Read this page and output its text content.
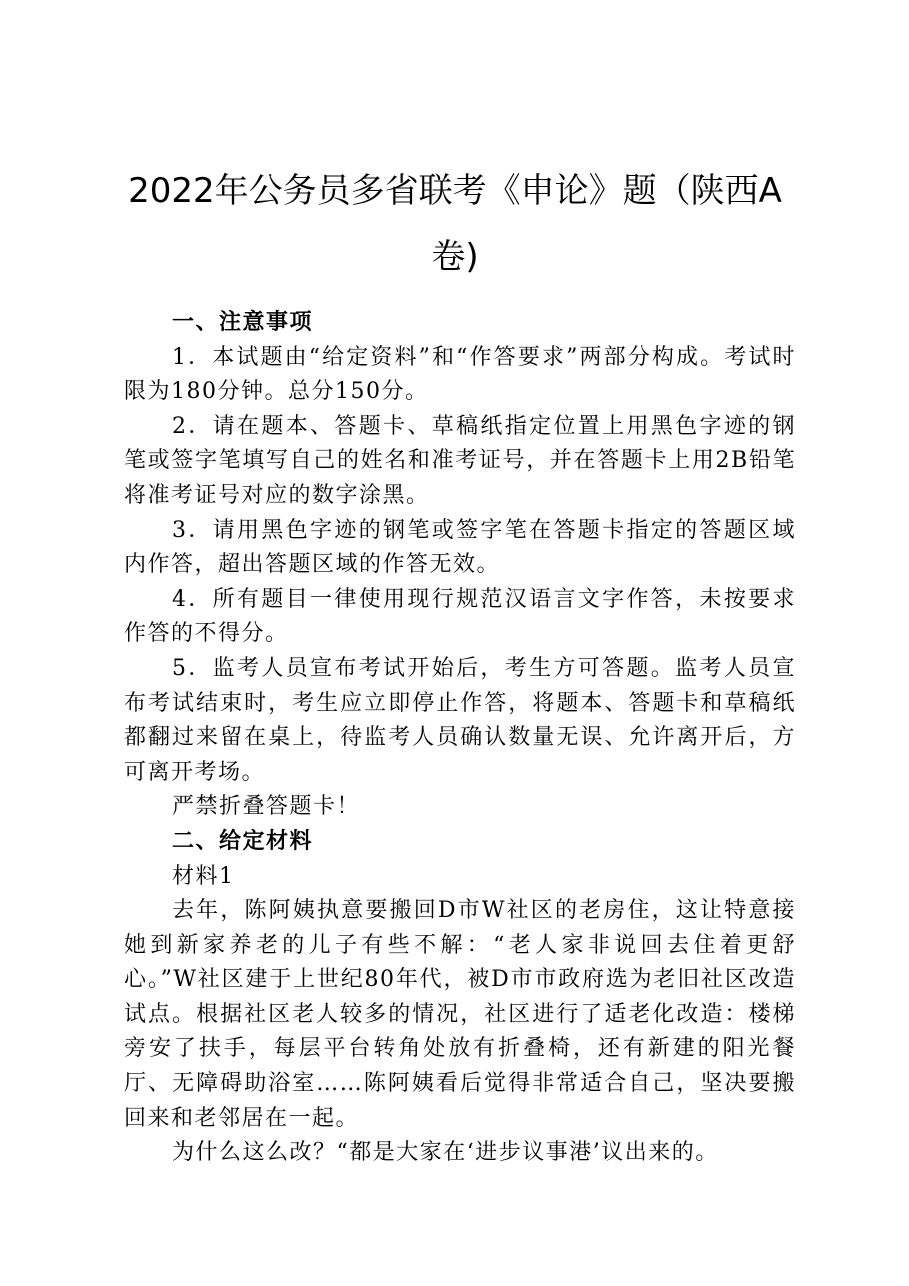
2022年公务员多省联考《申论》题（陕西A卷)

一、注意事项

1．本试题由“给定资料”和“作答要求”两部分构成。考试时限为180分钟。总分150分。

2．请在题本、答题卡、草稿纸指定位置上用黑色字迹的钢笔或签字笔填写自己的姓名和准考证号，并在答题卡上用2B铅笔将准考证号对应的数字涂黑。

3．请用黑色字迹的钢笔或签字笔在答题卡指定的答题区域内作答，超出答题区域的作答无效。

4．所有题目一律使用现行规范汉语言文字作答，未按要求作答的不得分。

5．监考人员宣布考试开始后，考生方可答题。监考人员宣布考试结束时，考生应立即停止作答，将题本、答题卡和草稿纸都翻过来留在桌上，待监考人员确认数量无误、允许离开后，方可离开考场。

严禁折叠答题卡！

二、给定材料

材料1

去年，陈阿姨执意要搬回D市W社区的老房住，这让特意接她到新家养老的儿子有些不解：“老人家非说回去住着更舒心。”W社区建于上世纪80年代，被D市市政府选为老旧社区改造试点。根据社区老人较多的情况，社区进行了适老化改造：楼梯旁安了扶手，每层平台转角处放有折叠椅，还有新建的阳光餐厅、无障碍助浴室……陈阿姨看后觉得非常适合自己，坚决要搬回来和老邻居在一起。

为什么这么改？“都是大家在‘进步议事港’议出来的。
